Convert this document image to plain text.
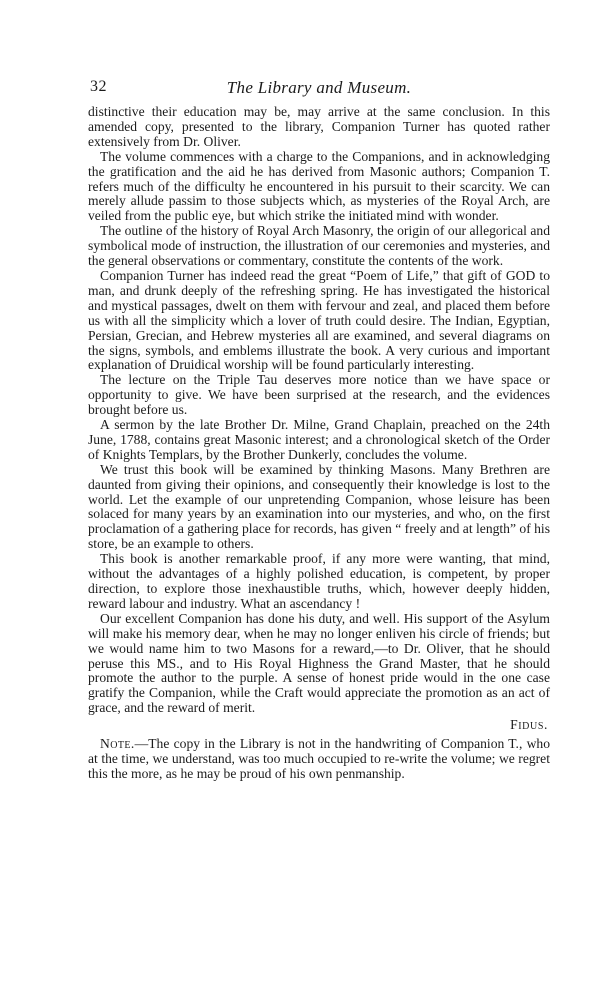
32	The Library and Museum.

distinctive their education may be, may arrive at the same conclusion. In this amended copy, presented to the library, Companion Turner has quoted rather extensively from Dr. Oliver.

The volume commences with a charge to the Companions, and in acknowledging the gratification and the aid he has derived from Masonic authors; Companion T. refers much of the difficulty he encountered in his pursuit to their scarcity. We can merely allude passim to those subjects which, as mysteries of the Royal Arch, are veiled from the public eye, but which strike the initiated mind with wonder.

The outline of the history of Royal Arch Masonry, the origin of our allegorical and symbolical mode of instruction, the illustration of our ceremonies and mysteries, and the general observations or commentary, constitute the contents of the work.

Companion Turner has indeed read the great “Poem of Life,” that gift of GOD to man, and drunk deeply of the refreshing spring. He has investigated the historical and mystical passages, dwelt on them with fervour and zeal, and placed them before us with all the simplicity which a lover of truth could desire. The Indian, Egyptian, Persian, Grecian, and Hebrew mysteries all are examined, and several diagrams on the signs, symbols, and emblems illustrate the book. A very curious and important explanation of Druidical worship will be found particularly interesting.

The lecture on the Triple Tau deserves more notice than we have space or opportunity to give. We have been surprised at the research, and the evidences brought before us.

A sermon by the late Brother Dr. Milne, Grand Chaplain, preached on the 24th June, 1788, contains great Masonic interest; and a chronological sketch of the Order of Knights Templars, by the Brother Dunkerly, concludes the volume.

We trust this book will be examined by thinking Masons. Many Brethren are daunted from giving their opinions, and consequently their knowledge is lost to the world. Let the example of our unpretending Companion, whose leisure has been solaced for many years by an examination into our mysteries, and who, on the first proclamation of a gathering place for records, has given “ freely and at length” of his store, be an example to others.

This book is another remarkable proof, if any more were wanting, that mind, without the advantages of a highly polished education, is competent, by proper direction, to explore those inexhaustible truths, which, however deeply hidden, reward labour and industry. What an ascendancy !

Our excellent Companion has done his duty, and well. His support of the Asylum will make his memory dear, when he may no longer enliven his circle of friends; but we would name him to two Masons for a reward,—to Dr. Oliver, that he should peruse this MS., and to His Royal Highness the Grand Master, that he should promote the author to the purple. A sense of honest pride would in the one case gratify the Companion, while the Craft would appreciate the promotion as an act of grace, and the reward of merit.

Fidus.

Note.—The copy in the Library is not in the handwriting of Companion T., who at the time, we understand, was too much occupied to re-write the volume; we regret this the more, as he may be proud of his own penmanship.
